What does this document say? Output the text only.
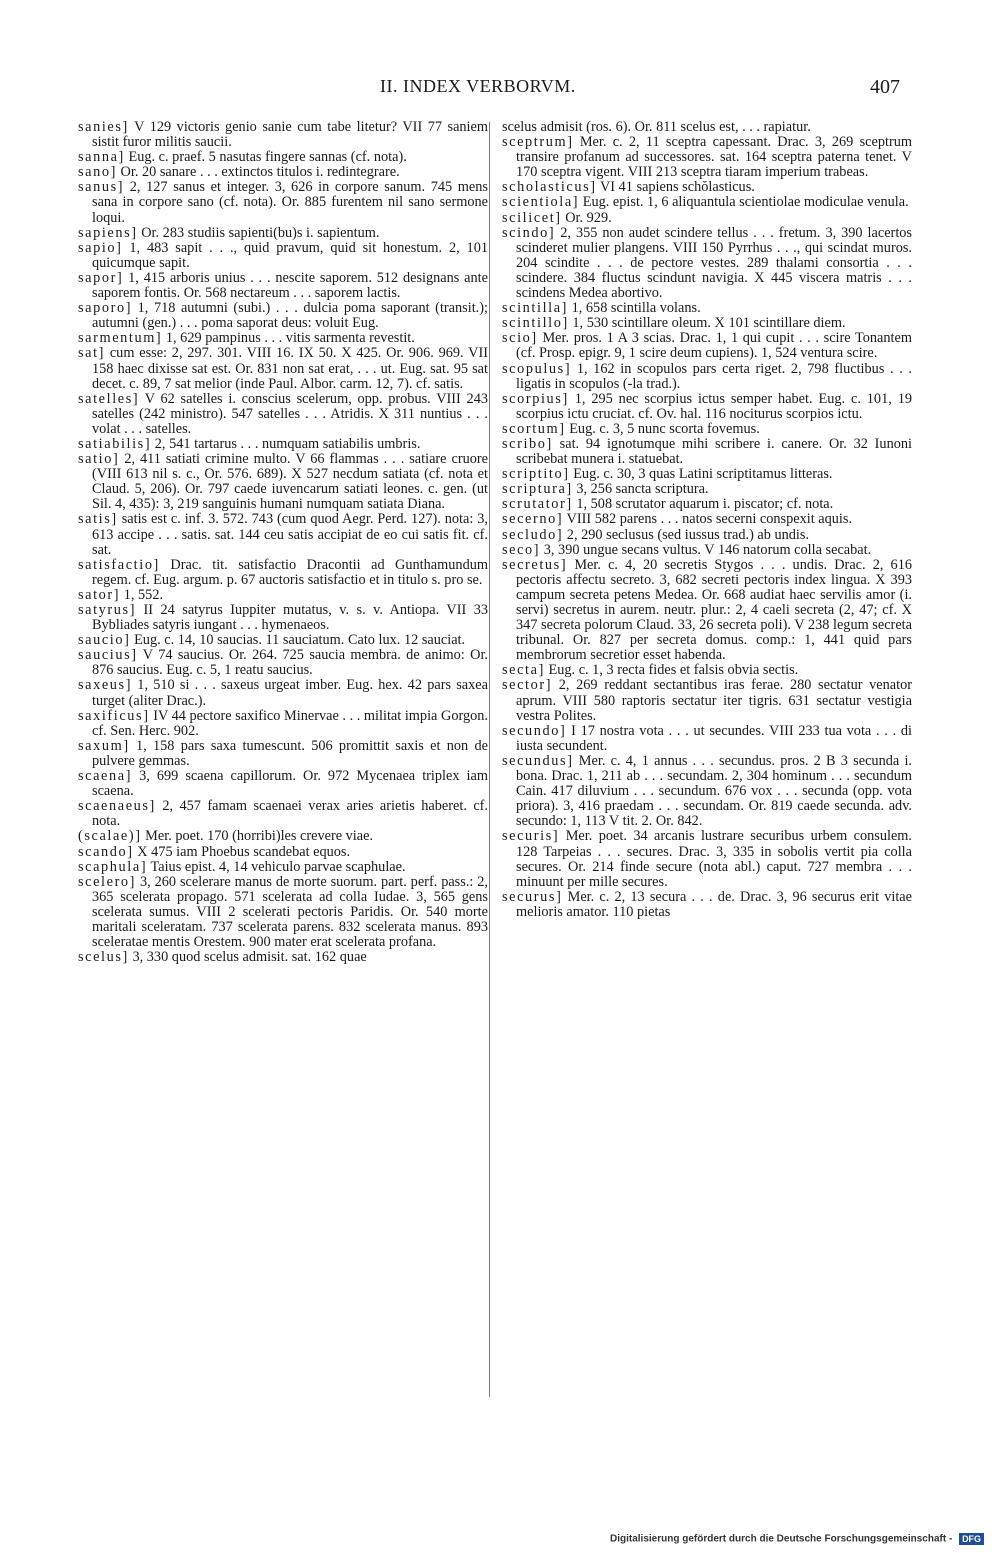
II. INDEX VERBORVM.	407
sanies] V 129 victoris genio sanie cum tabe litetur? VII 77 saniem sistit furor militis saucii.
sanna] Eug. c. praef. 5 nasutas fingere sannas (cf. nota).
sano] Or. 20 sanare . . . extinctos titulos i. redintegrare.
sanus] 2, 127 sanus et integer. 3, 626 in corpore sanum. 745 mens sana in corpore sano (cf. nota). Or. 885 furentem nil sano sermone loqui.
sapiens] Or. 283 studiis sapienti(bu)s i. sapientum.
sapio] 1, 483 sapit . . ., quid pravum, quid sit honestum. 2, 101 quicumque sapit.
sapor] 1, 415 arboris unius . . . nescite saporem. 512 designans ante saporem fontis. Or. 568 nectareum . . . saporem lactis.
saporo] 1, 718 autumni (subi.) . . . dulcia poma saporant (transit.); autumni (gen.) . . . poma saporat deus: voluit Eug.
sarmentum] 1, 629 pampinus . . . vitis sarmenta revestit.
sat] cum esse: 2, 297. 301. VIII 16. IX 50. X 425. Or. 906. 969. VII 158 haec dixisse sat est. Or. 831 non sat erat, . . . ut. Eug. sat. 95 sat decet. c. 89, 7 sat melior (inde Paul. Albor. carm. 12, 7). cf. satis.
satelles] V 62 satelles i. conscius scelerum, opp. probus. VIII 243 satelles (242 ministro). 547 satelles . . . Atridis. X 311 nuntius . . . volat . . . satelles.
satiabilis] 2, 541 tartarus . . . numquam satiabilis umbris.
satio] 2, 411 satiati crimine multo. V 66 flammas . . . satiare cruore (VIII 613 nil s. c., Or. 576. 689). X 527 necdum satiata (cf. nota et Claud. 5, 206). Or. 797 caede iuvencarum satiati leones. c. gen. (ut Sil. 4, 435): 3, 219 sanguinis humani numquam satiata Diana.
satis] satis est c. inf. 3. 572. 743 (cum quod Aegr. Perd. 127). nota: 3, 613 accipe . . . satis. sat. 144 ceu satis accipiat de eo cui satis fit. cf. sat.
satisfactio] Drac. tit. satisfactio Dracontii ad Gunthamundum regem. cf. Eug. argum. p. 67 auctoris satisfactio et in titulo s. pro se.
sator] 1, 552.
satyrus] II 24 satyrus Iuppiter mutatus, v. s. v. Antiopa. VII 33 Bybliades satyris iungant . . . hymenaeos.
saucio] Eug. c. 14, 10 saucias. 11 sauciatum. Cato lux. 12 sauciat.
saucius] V 74 saucius. Or. 264. 725 saucia membra. de animo: Or. 876 saucius. Eug. c. 5, 1 reatu saucius.
saxeus] 1, 510 si . . . saxeus urgeat imber. Eug. hex. 42 pars saxea turget (aliter Drac.).
saxificus] IV 44 pectore saxifico Minervae . . . militat impia Gorgon. cf. Sen. Herc. 902.
saxum] 1, 158 pars saxa tumescunt. 506 promittit saxis et non de pulvere gemmas.
scaena] 3, 699 scaena capillorum. Or. 972 Mycenaea triplex iam scaena.
scaenaeus] 2, 457 famam scaenaei verax aries arietis haberet. cf. nota.
(scalae)] Mer. poet. 170 (horribi)les crevere viae.
scando] X 475 iam Phoebus scandebat equos.
scaphula] Taius epist. 4, 14 vehiculo parvae scaphulae.
scelero] 3, 260 scelerare manus de morte suorum. part. perf. pass.: 2, 365 scelerata propago. 571 scelerata ad colla Iudae. 3, 565 gens scelerata sumus. VIII 2 scelerati pectoris Paridis. Or. 540 morte maritali sceleratam. 737 scelerata parens. 832 scelerata manus. 893 sceleratae mentis Orestem. 900 mater erat scelerata profana.
scelus] 3, 330 quod scelus admisit. sat. 162 quae
scelus admisit (ros. 6). Or. 811 scelus est, . . . rapiatur.
sceptrum] Mer. c. 2, 11 sceptra capessant. Drac. 3, 269 sceptrum transire profanum ad successores. sat. 164 sceptra paterna tenet. V 170 sceptra vigent. VIII 213 sceptra tiaram imperium trabeas.
scholasticus] VI 41 sapiens schŏlasticus.
scientiola] Eug. epist. 1, 6 aliquantula scientiolae modiculae venula.
scilicet] Or. 929.
scindo] 2, 355 non audet scindere tellus . . . fretum. 3, 390 lacertos scinderet mulier plangens. VIII 150 Pyrrhus . . ., qui scindat muros. 204 scindite . . . de pectore vestes. 289 thalami consortia . . . scindere. 384 fluctus scindunt navigia. X 445 viscera matris . . . scindens Medea abortivo.
scintilla] 1, 658 scintilla volans.
scintillo] 1, 530 scintillare oleum. X 101 scintillare diem.
scio] Mer. pros. 1 A 3 scias. Drac. 1, 1 qui cupit . . . scire Tonantem (cf. Prosp. epigr. 9, 1 scire deum cupiens). 1, 524 ventura scire.
scopulus] 1, 162 in scopulos pars certa riget. 2, 798 fluctibus . . . ligatis in scopulos (-la trad.).
scorpius] 1, 295 nec scorpius ictus semper habet. Eug. c. 101, 19 scorpius ictu cruciat. cf. Ov. hal. 116 nociturus scorpios ictu.
scortum] Eug. c. 3, 5 nunc scorta fovemus.
scribo] sat. 94 ignotumque mihi scribere i. canere. Or. 32 Iunoni scribebat munera i. statuebat.
scriptito] Eug. c. 30, 3 quas Latini scriptitamus litteras.
scriptura] 3, 256 sancta scriptura.
scrutator] 1, 508 scrutator aquarum i. piscator; cf. nota.
secerno] VIII 582 parens . . . natos secerni conspexit aquis.
secludo] 2, 290 seclusus (sed iussus trad.) ab undis.
seco] 3, 390 ungue secans vultus. V 146 natorum colla secabat.
secretus] Mer. c. 4, 20 secretis Stygos . . . undis. Drac. 2, 616 pectoris affectu secreto. 3, 682 secreti pectoris index lingua. X 393 campum secreta petens Medea. Or. 668 audiat haec servilis amor (i. servi) secretus in aurem. neutr. plur.: 2, 4 caeli secreta (2, 47; cf. X 347 secreta polorum Claud. 33, 26 secreta poli). V 238 legum secreta tribunal. Or. 827 per secreta domus. comp.: 1, 441 quid pars membrorum secretior esset habenda.
secta] Eug. c. 1, 3 recta fides et falsis obvia sectis.
sector] 2, 269 reddant sectantibus iras ferae. 280 sectatur venator aprum. VIII 580 raptoris sectatur iter tigris. 631 sectatur vestigia vestra Polites.
secundo] I 17 nostra vota . . . ut secundes. VIII 233 tua vota . . . di iusta secundent.
secundus] Mer. c. 4, 1 annus . . . secundus. pros. 2 B 3 secunda i. bona. Drac. 1, 211 ab . . . secundam. 2, 304 hominum . . . secundum Cain. 417 diluvium . . . secundum. 676 vox . . . secunda (opp. vota priora). 3, 416 praedam . . . secundam. Or. 819 caede secunda. adv. secundo: 1, 113 V tit. 2. Or. 842.
securis] Mer. poet. 34 arcanis lustrare securibus urbem consulem. 128 Tarpeias . . . secures. Drac. 3, 335 in sobolis vertit pia colla secures. Or. 214 finde secure (nota abl.) caput. 727 membra . . . minuunt per mille secures.
securus] Mer. c. 2, 13 secura . . . de. Drac. 3, 96 securus erit vitae melioris amator. 110 pietas
Digitalisierung gefördert durch die Deutsche Forschungsgemeinschaft - DFG
